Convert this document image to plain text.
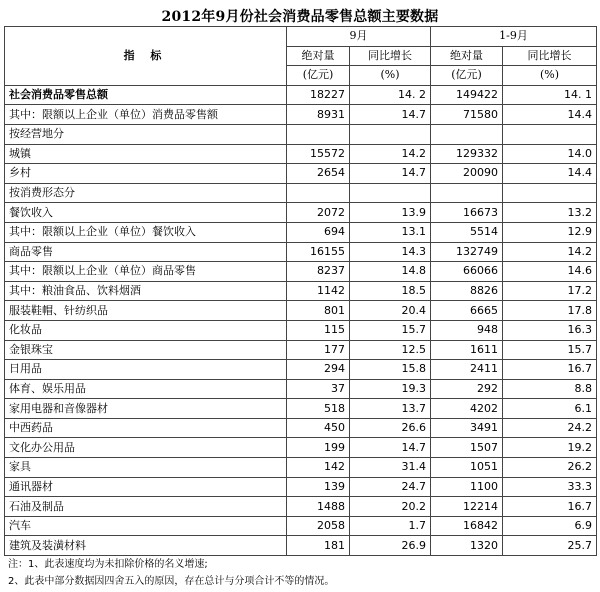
2012年9月份社会消费品零售总额主要数据
指 标	9月		1-9月	
	绝对量	同比增长	绝对量	同比增长
	(亿元)	(%)	(亿元)	(%)
社会消费品零售总额	18227	14. 2	149422	14. 1
其中：限额以上企业（单位）消费品零售额	8931	14.7	71580	14.4
按经营地分				
城镇	15572	14.2	129332	14.0
乡村	2654	14.7	20090	14.4
按消费形态分				
餐饮收入	2072	13.9	16673	13.2
其中：限额以上企业（单位）餐饮收入	694	13.1	5514	12.9
商品零售	16155	14.3	132749	14.2
其中：限额以上企业（单位）商品零售	8237	14.8	66066	14.6
其中：粮油食品、饮料烟酒	1142	18.5	8826	17.2
服装鞋帽、针纺织品	801	20.4	6665	17.8
化妆品	115	15.7	948	16.3
金银珠宝	177	12.5	1611	15.7
日用品	294	15.8	2411	16.7
体育、娱乐用品	37	19.3	292	8.8
家用电器和音像器材	518	13.7	4202	6.1
中西药品	450	26.6	3491	24.2
文化办公用品	199	14.7	1507	19.2
家具	142	31.4	1051	26.2
通讯器材	139	24.7	1100	33.3
石油及制品	1488	20.2	12214	16.7
汽车	2058	1.7	16842	6.9
建筑及装潢材料	181	26.9	1320	25.7
注：1、此表速度均为未扣除价格的名义增速;
2、此表中部分数据因四舍五入的原因，存在总计与分项合计不等的情况。
